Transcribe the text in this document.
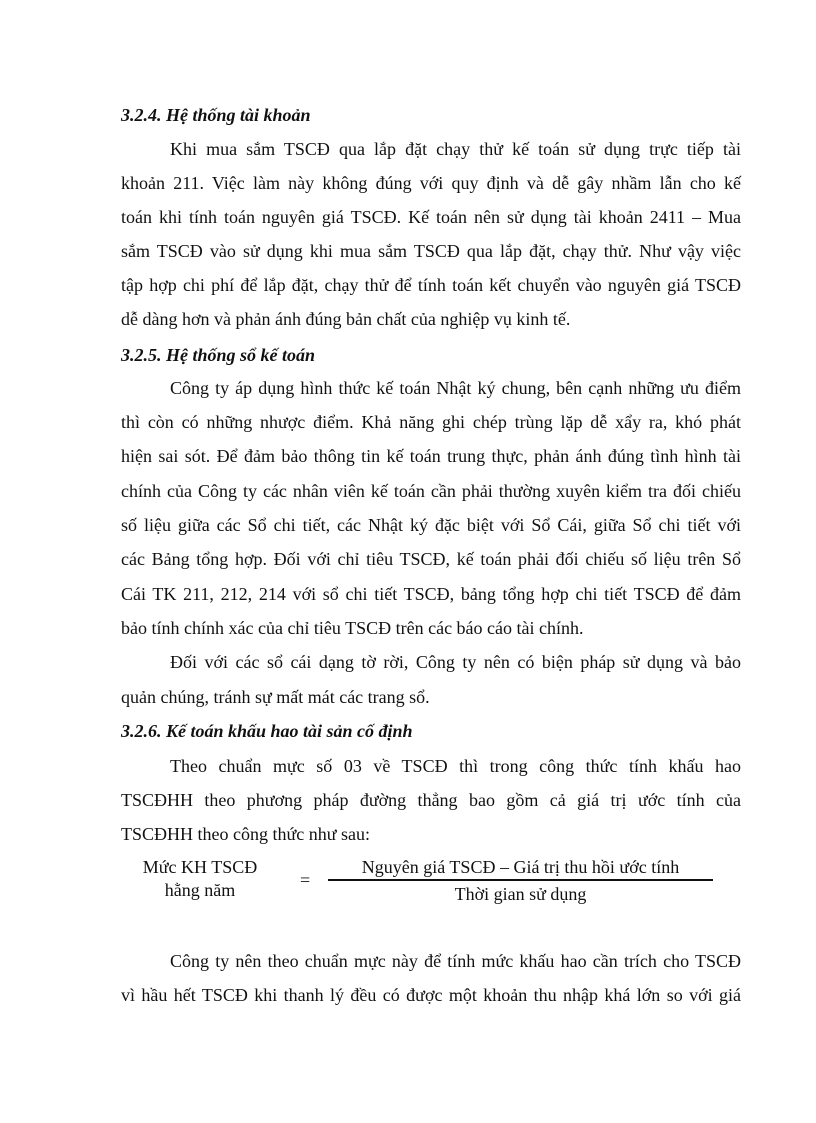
3.2.4. Hệ thống tài khoản
Khi mua sắm TSCĐ qua lắp đặt chạy thử kế toán sử dụng trực tiếp tài
khoản 211. Việc làm này không đúng với quy định và dễ gây nhầm lẫn cho kế
toán khi tính toán nguyên giá TSCĐ. Kế toán nên sử dụng tài khoản 2411 – Mua
sắm TSCĐ vào sử dụng khi mua sắm TSCĐ qua lắp đặt, chạy thử. Như vậy việc
tập hợp chi phí để lắp đặt, chạy thử để tính toán kết chuyển vào nguyên giá TSCĐ
dễ dàng hơn và phản ánh đúng bản chất của nghiệp vụ kinh tế.
3.2.5. Hệ thống sổ kế toán
Công ty áp dụng hình thức kế toán Nhật ký chung, bên cạnh những ưu điểm
thì còn có những nhược điểm. Khả năng ghi chép trùng lặp dễ xẩy ra, khó phát
hiện sai sót. Để đảm bảo thông tin kế toán trung thực, phản ánh đúng tình hình tài
chính của Công ty các nhân viên kế toán cần phải thường xuyên kiểm tra đối chiếu
số liệu giữa các Sổ chi tiết, các Nhật ký đặc biệt với Sổ Cái, giữa Sổ chi tiết với
các Bảng tổng hợp. Đối với chỉ tiêu TSCĐ, kế toán phải đối chiếu số liệu trên Sổ
Cái TK 211, 212, 214 với sổ chi tiết TSCĐ, bảng tổng hợp chi tiết TSCĐ để đảm
bảo tính chính xác của chỉ tiêu TSCĐ trên các báo cáo tài chính.
Đối với các sổ cái dạng tờ rời, Công ty nên có biện pháp sử dụng và bảo
quản chúng, tránh sự mất mát các trang sổ.
3.2.6. Kế toán khấu hao tài sản cố định
Theo chuẩn mực số 03 về TSCĐ thì trong công thức tính khấu hao
TSCĐHH theo phương pháp đường thẳng bao gồm cả giá trị ước tính của
TSCĐHH theo công thức như sau:
Mức KH TSCĐ
hằng năm	=
Nguyên giá TSCĐ – Giá trị thu hồi ước tính
Thời gian sử dụng
Công ty nên theo chuẩn mực này để tính mức khấu hao cần trích cho TSCĐ
vì hầu hết TSCĐ khi thanh lý đều có được một khoản thu nhập khá lớn so với giá
